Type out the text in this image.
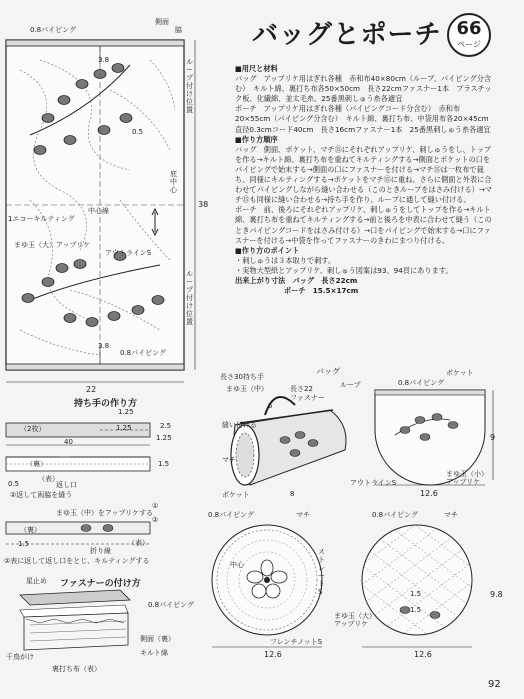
バッグとポーチ 66
ページ

■用尺と材料

バッグ　アップリケ用はぎれ各種　赤和布40×80cm（ループ、パイピング分含む）　キルト綿、裏打ち布各50×50cm　長さ22cmファスナー1本　プラスチック板、化繊綿、並太毛糸、25番黒刺しゅう糸各適宜

ポーチ　アップリケ用はぎれ各種（パイピングコード分含む）　赤和布20×55cm（パイピング分含む）　キルト綿、裏打ち布、中袋用布各20×45cm　直径0.3cmコード40cm　長さ16cmファスナー1本　25番黒刺しゅう糸各適宜

■作り方順序

バッグ　側面、ポケット、マチ⑮にそれぞれアップリケ、刺しゅうをし、トップを作る→キルト綿、裏打ち布を重ねてキルティングする→側面とポケットの口をパイピングで始末する→側面の口にファスナーを付ける→マチ⑮は一枚布で裁ち、同様にキルティングする→ポケットをマチ⑮に重ね、さらに側面と外表に合わせてパイピングしながら縫い合わせる（このときループをはさみ付ける）→マチ⑮も同様に縫い合わせる→持ち手を作り、ループに通して縫い付ける。

ポーチ　前、後ろにそれぞれアップリケ、刺しゅうをしてトップを作る→キルト綿、裏打ち布を重ねてキルティングする→前と後ろを中表に合わせて縫う（このときパイピングコードをはさみ付ける）→口をパイピングで始末する→口にファスナーを付ける→中袋を作ってファスナーのきわにまつり付ける。

■作り方のポイント

・刺しゅうは３本取りで刺す。

・実物大型紙とアップリケ、刺しゅう図案は93、94頁にあります。

出来上がり寸法　 バッグ　長さ22cm

ポーチ　15.5×17cm

0.8パイピング
側面
脇
ループ付け位置
38
3.8
3.8
0.5
中心線
底中心
1エコーキルティング
まゆ玉（大）アップリケ
アウトラインS
0.8パイピング
ループ付け位置
22
持ち手の作り方
1.25
（2枚）	1.25	2.5
1.25
40
（裏）
（表）
1.5
返し口
0.5
②返して両脇を縫う
まゆ玉（中）をアップリケする
①
②
（裏）
（表）
折り線
1.5
②表に返して返し口をとじ、キルティングする
ファスナーの付け方
星止め
0.8パイピング
側面（裏）
キルト綿
千鳥がけ
裏打ち布（表）
バッグ
長さ30持ち手
まゆ玉（中）	長さ22
ファスナー
ループ
縫い付ける
マチ
ポケット
5
8
ポケット
0.8パイピング
9
アウトラインS
まゆ玉（小）アップリケ
12.6
0.8パイピング	マチ
中心
ストレートS
フレンチノットS
12.6
0.8パイピング	マチ
9.8
1.5
1.5
まゆ玉（大）アップリケ
12.6
92
